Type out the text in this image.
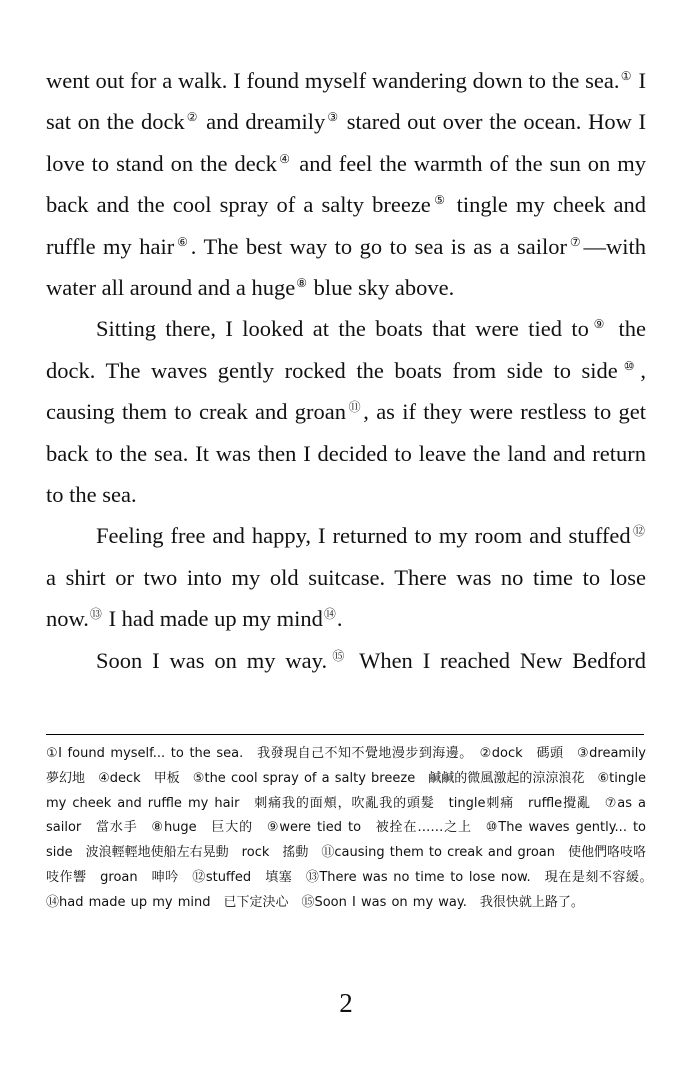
went out for a walk. I found myself wandering down to the sea.① I sat on the dock② and dreamily③ stared out over the ocean. How I love to stand on the deck④ and feel the warmth of the sun on my back and the cool spray of a salty breeze⑤ tingle my cheek and ruffle my hair⑥. The best way to go to sea is as a sailor⑦—with water all around and a huge⑧ blue sky above.

Sitting there, I looked at the boats that were tied to⑨ the dock. The waves gently rocked the boats from side to side⑩, causing them to creak and groan⑪, as if they were restless to get back to the sea. It was then I decided to leave the land and return to the sea.

Feeling free and happy, I returned to my room and stuffed⑫ a shirt or two into my old suitcase. There was no time to lose now.⑬ I had made up my mind⑭.

Soon I was on my way.⑮ When I reached New Bedford

①I found myself... to the sea.　我發現自己不知不覺地漫步到海邊。　②dock　碼頭　③dreamily　夢幻地　④deck　甲板　⑤the cool spray of a salty breeze　鹹鹹的微風激起的涼涼浪花　⑥tingle my cheek and ruffle my hair　刺痛我的面頰，吹亂我的頭髮　tingle刺痛　ruffle攪亂　⑦as a sailor　當水手　⑧huge　巨大的　⑨were tied to　被拴在……之上　⑩The waves gently... to side　波浪輕輕地使船左右晃動　rock　搖動　⑪causing them to creak and groan　使他們咯吱咯吱作響　groan　呻吟　⑫stuffed　填塞　⑬There was no time to lose now.　現在是刻不容緩。　⑭had made up my mind　已下定決心　⑮Soon I was on my way.　我很快就上路了。

2
